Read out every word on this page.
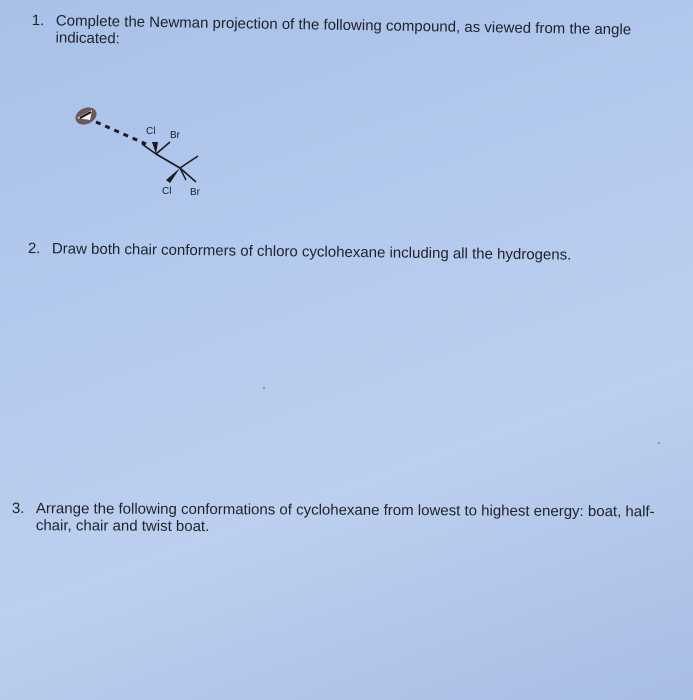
1. Complete the Newman projection of the following compound, as viewed from the angle indicated:
Cl Br
Cl Br
2. Draw both chair conformers of chloro cyclohexane including all the hydrogens.
3. Arrange the following conformations of cyclohexane from lowest to highest energy: boat, half-chair, chair and twist boat.
